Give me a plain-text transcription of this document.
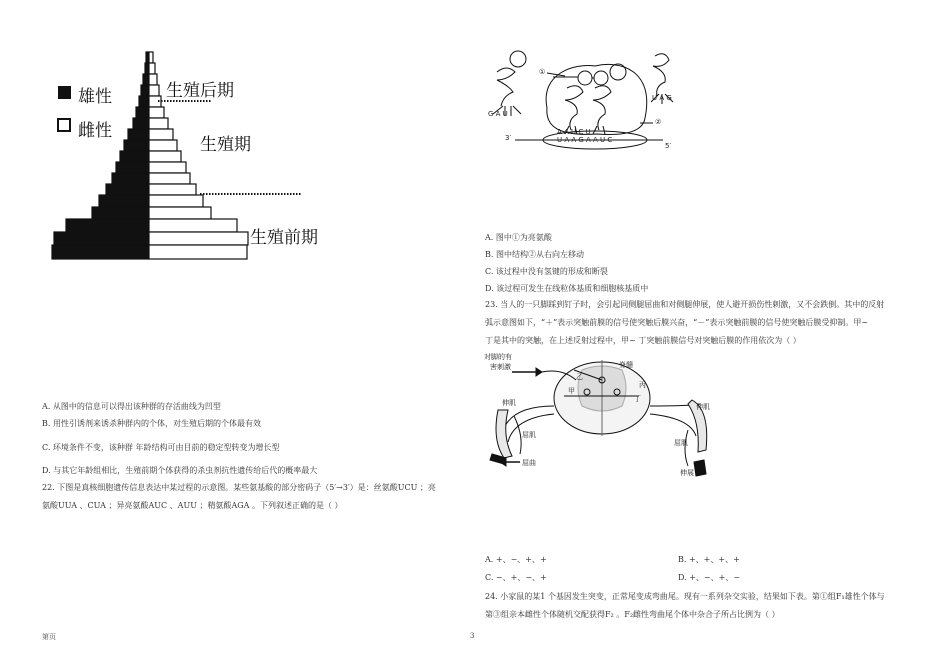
雄性
雌性
生殖后期
生殖期
生殖前期
A. 从图中的信息可以得出该种群的存活曲线为凹型
B. 用性引诱剂来诱杀种群内的个体，对生殖后期的个体最有效
C. 环境条件不变，该种群 年龄结构可由目前的稳定型转变为增长型
D. 与其它年龄组相比，生殖前期个体获得的杀虫剂抗性遗传给后代的概率最大
22. 下图是真核细胞遗传信息表达中某过程的示意图。某些氨基酸的部分密码子（5′→3′）是：丝氨酸UCU ；亮
氨酸UUA 、CUA ；异亮氨酸AUC 、AUU ；精氨酸AGA 。下列叙述正确的是（ ）
①
②
G A U
U A G
A A U C U
U A A G A A U C
3′
5′
A. 图中①为亮氨酸
B. 图中结构②从右向左移动
C. 该过程中没有氢键的形成和断裂
D. 该过程可发生在线粒体基质和细胞核基质中
23. 当人的一只脚踩到钉子时，会引起同侧腿屈曲和对侧腿伸展，使人避开损伤性刺激，又不会跌倒。其中的反射
弧示意图如下，“＋”表示突触前膜的信号使突触后膜兴奋，“－”表示突触前膜的信号使突触后膜受抑制。甲~
丁是其中的突触，在上述反射过程中，甲~ 丁突触前膜信号对突触后膜的作用依次为（ ）
对脚的有
害刺激	脊髓
甲
乙
丙
丁
伸肌
屈肌
屈曲
伸肌
屈肌
伸展
A. +、−、+、+	B. +、+、+、+
C. −、+、−、+	D. +、−、+、−
24. 小家鼠的某1 个基因发生突变，正常尾变成弯曲尾。现有一系列杂交实验，结果如下表。第①组F₁雄性个体与
第③组亲本雌性个体随机交配获得F₂ 。F₂雌性弯曲尾个体中杂合子所占比例为（ ）
第页	3
